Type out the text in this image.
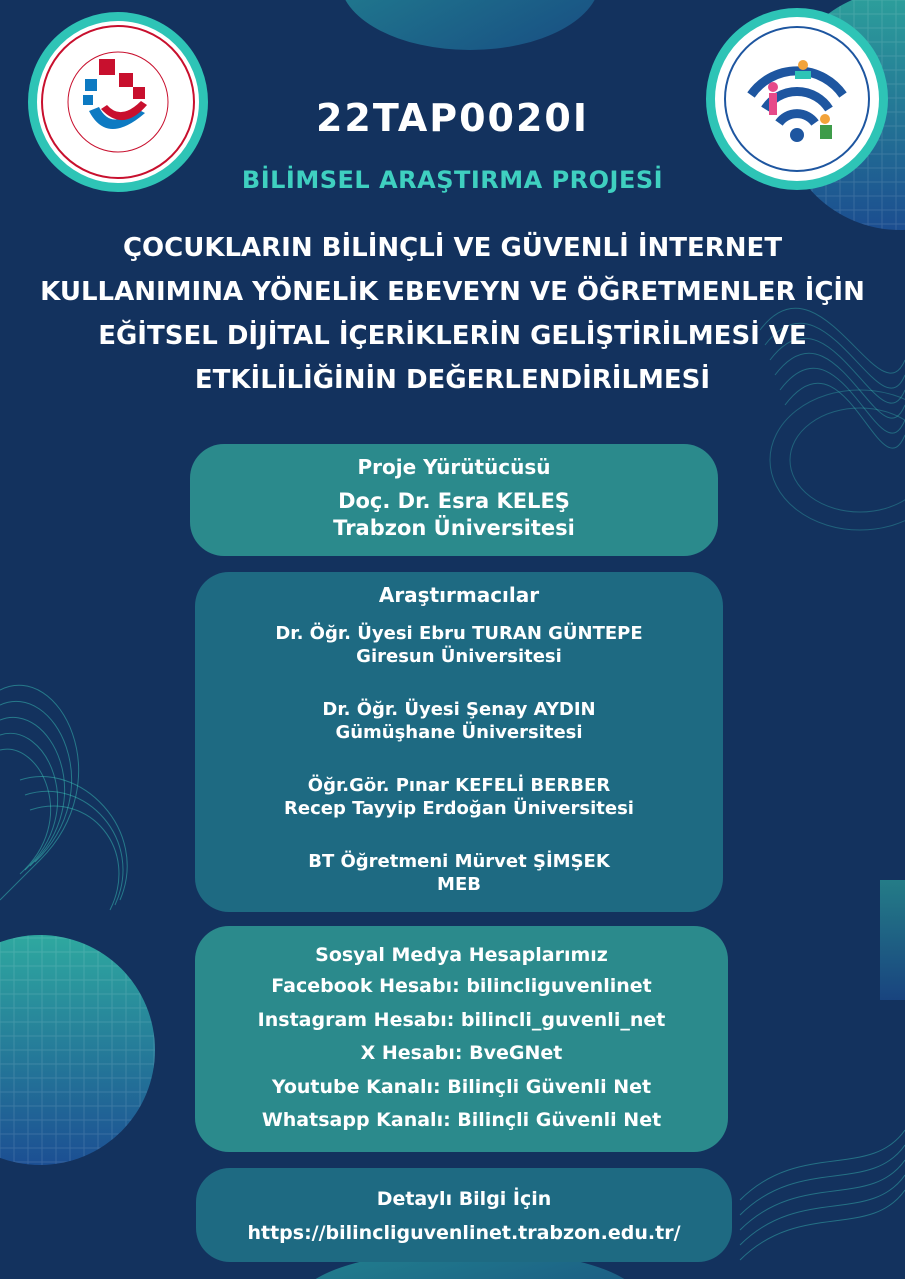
22TAP0020I
BİLİMSEL ARAŞTIRMA PROJESİ
ÇOCUKLARIN BİLİNÇLİ VE GÜVENLİ İNTERNET
KULLANIMINA YÖNELİK EBEVEYN VE ÖĞRETMENLER İÇİN
EĞİTSEL DİJİTAL İÇERİKLERİN GELİŞTİRİLMESİ VE
ETKİLİLİĞİNİN DEĞERLENDİRİLMESİ
Proje Yürütücüsü
Doç. Dr. Esra KELEŞ
Trabzon Üniversitesi
Araştırmacılar
Dr. Öğr. Üyesi Ebru TURAN GÜNTEPE
Giresun Üniversitesi
Dr. Öğr. Üyesi Şenay AYDIN
Gümüşhane Üniversitesi
Öğr.Gör. Pınar KEFELİ BERBER
Recep Tayyip Erdoğan Üniversitesi
BT Öğretmeni Mürvet ŞİMŞEK
MEB
Sosyal Medya Hesaplarımız
Facebook Hesabı: bilincliguvenlinet
Instagram Hesabı: bilincli_guvenli_net
X Hesabı: BveGNet
Youtube Kanalı: Bilinçli Güvenli Net
Whatsapp Kanalı: Bilinçli Güvenli Net
Detaylı Bilgi İçin
https://bilincliguvenlinet.trabzon.edu.tr/
